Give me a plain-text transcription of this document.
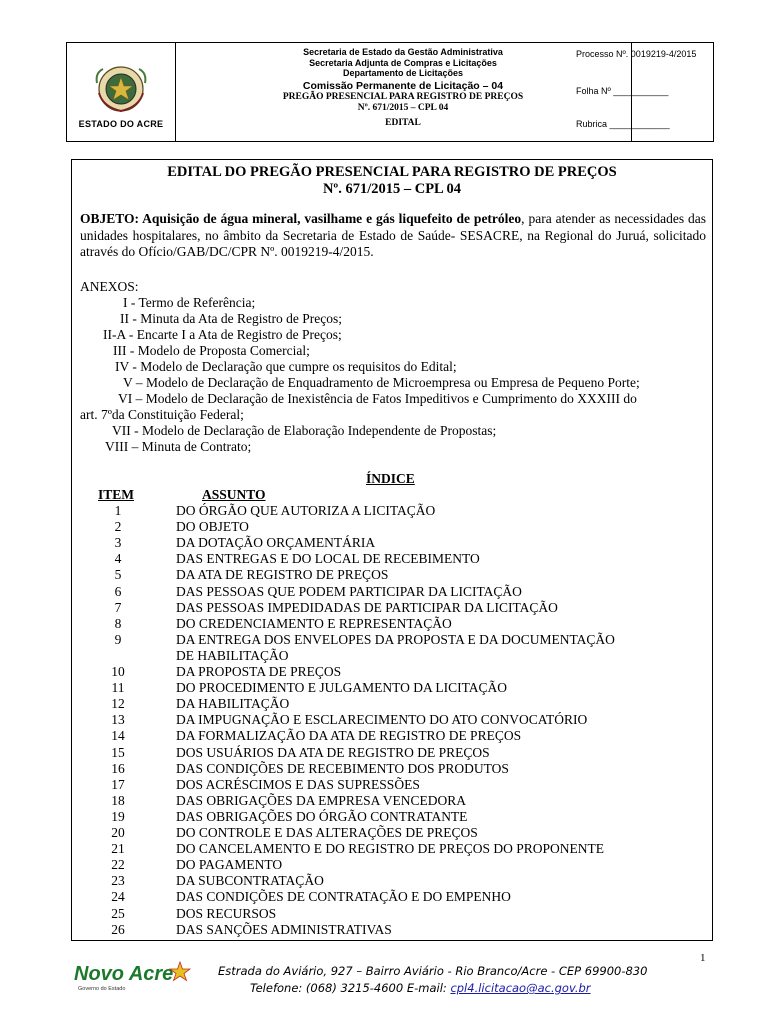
ESTADO DO ACRE
Secretaria de Estado da Gestão Administrativa
Secretaria Adjunta de Compras e Licitações
Departamento de Licitações
Comissão Permanente de Licitação – 04
PREGÃO PRESENCIAL PARA REGISTRO DE PREÇOS
Nº. 671/2015 – CPL 04
EDITAL
Processo Nº. 0019219-4/2015
Folha Nº ___________
Rubrica ____________
EDITAL DO PREGÃO PRESENCIAL PARA REGISTRO DE PREÇOS
Nº. 671/2015 – CPL 04
OBJETO: Aquisição de água mineral, vasilhame e gás liquefeito de petróleo, para atender as necessidades das unidades hospitalares, no âmbito da Secretaria de Estado de Saúde- SESACRE, na Regional do Juruá, solicitado através do Ofício/GAB/DC/CPR Nº. 0019219-4/2015.
ANEXOS:
I - Termo de Referência;
II - Minuta da Ata de Registro de Preços;
II-A - Encarte I a Ata de Registro de Preços;
III - Modelo de Proposta Comercial;
IV - Modelo de Declaração que cumpre os requisitos do Edital;
V – Modelo de Declaração de Enquadramento de Microempresa ou Empresa de Pequeno Porte;
VI – Modelo de Declaração de Inexistência de Fatos Impeditivos e Cumprimento do XXXIII do
art. 7ºda Constituição Federal;
VII - Modelo de Declaração de Elaboração Independente de Propostas;
VIII – Minuta de Contrato;
ÍNDICE
ITEM	ASSUNTO
1	DO ÓRGÃO QUE AUTORIZA A LICITAÇÃO
2	DO OBJETO
3	DA DOTAÇÃO ORÇAMENTÁRIA
4	DAS ENTREGAS E DO LOCAL DE RECEBIMENTO
5	DA ATA DE REGISTRO DE PREÇOS
6	DAS PESSOAS QUE PODEM PARTICIPAR DA LICITAÇÃO
7	DAS PESSOAS IMPEDIDADAS DE PARTICIPAR DA LICITAÇÃO
8	DO CREDENCIAMENTO E REPRESENTAÇÃO
9	DA ENTREGA DOS ENVELOPES DA PROPOSTA E DA DOCUMENTAÇÃO
DE HABILITAÇÃO
10	DA PROPOSTA DE PREÇOS
11	DO PROCEDIMENTO E JULGAMENTO DA LICITAÇÃO
12	DA HABILITAÇÃO
13	DA IMPUGNAÇÃO E ESCLARECIMENTO DO ATO CONVOCATÓRIO
14	DA FORMALIZAÇÃO DA ATA DE REGISTRO DE PREÇOS
15	DOS USUÁRIOS DA ATA DE REGISTRO DE PREÇOS
16	DAS CONDIÇÕES DE RECEBIMENTO DOS PRODUTOS
17	DOS ACRÉSCIMOS E DAS SUPRESSÕES
18	DAS OBRIGAÇÕES DA EMPRESA VENCEDORA
19	DAS OBRIGAÇÕES DO ÓRGÃO CONTRATANTE
20	DO CONTROLE E DAS ALTERAÇÕES DE PREÇOS
21	DO CANCELAMENTO E DO REGISTRO DE PREÇOS DO PROPONENTE
22	DO PAGAMENTO
23	DA SUBCONTRATAÇÃO
24	DAS CONDIÇÕES DE CONTRATAÇÃO E DO EMPENHO
25	DOS RECURSOS
26	DAS SANÇÕES ADMINISTRATIVAS
1
Novo Acre
Governo do Estado
Estrada do Aviário, 927 – Bairro Aviário - Rio Branco/Acre - CEP 69900-830
Telefone: (068) 3215-4600 E-mail: cpl4.licitacao@ac.gov.br
